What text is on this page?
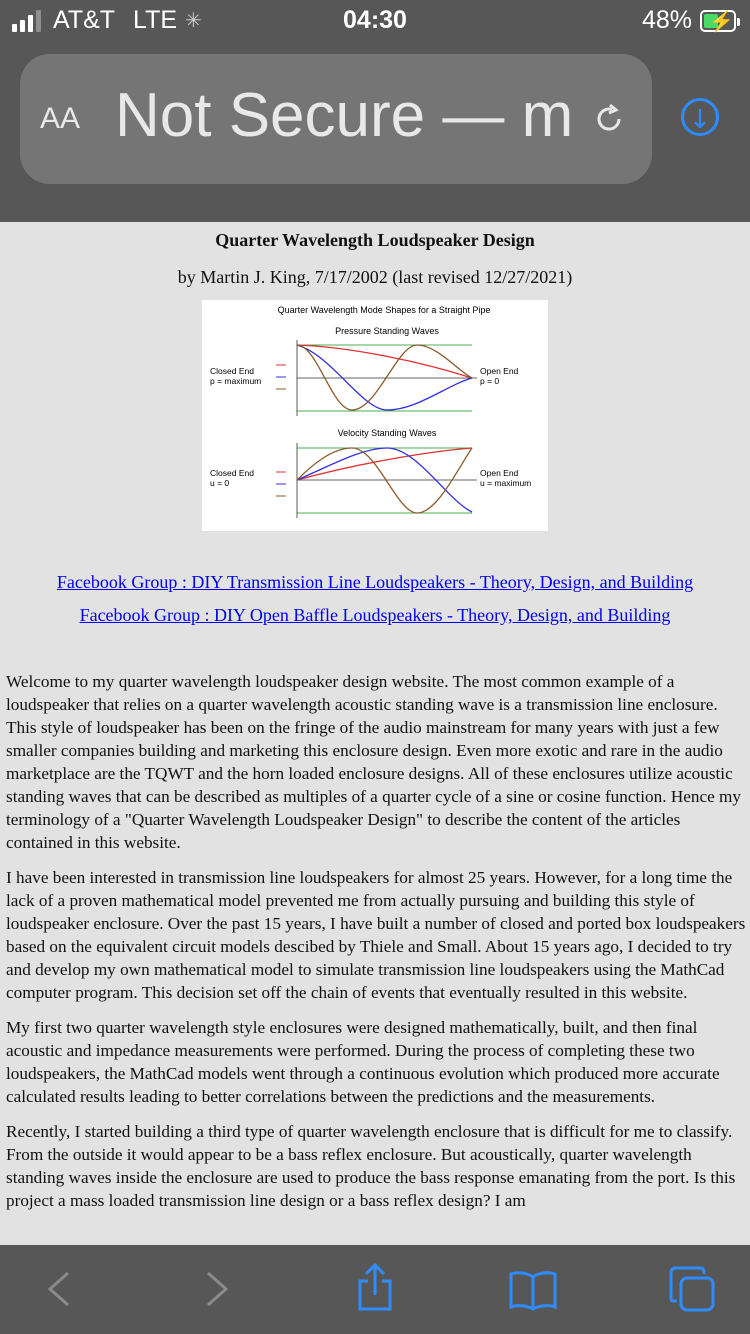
AT&T LTE ✳	04:30	48% ⚡
AA Not Secure — m	↓
Quarter Wavelength Loudspeaker Design
by Martin J. King, 7/17/2002 (last revised 12/27/2021)
Quarter Wavelength Mode Shapes for a Straight Pipe
Pressure Standing Waves
Closed End
p = maximum
Open End
p = 0
Velocity Standing Waves
Closed End
u = 0
Open End
u = maximum
Facebook Group : DIY Transmission Line Loudspeakers - Theory, Design, and Building
Facebook Group : DIY Open Baffle Loudspeakers - Theory, Design, and Building

Welcome to my quarter wavelength loudspeaker design website. The most common example of a loudspeaker that relies on a quarter wavelength acoustic standing wave is a transmission line enclosure. This style of loudspeaker has been on the fringe of the audio mainstream for many years with just a few smaller companies building and marketing this enclosure design. Even more exotic and rare in the audio marketplace are the TQWT and the horn loaded enclosure designs. All of these enclosures utilize acoustic standing waves that can be described as multiples of a quarter cycle of a sine or cosine function. Hence my terminology of a "Quarter Wavelength Loudspeaker Design" to describe the content of the articles contained in this website.

I have been interested in transmission line loudspeakers for almost 25 years. However, for a long time the lack of a proven mathematical model prevented me from actually pursuing and building this style of loudspeaker enclosure. Over the past 15 years, I have built a number of closed and ported box loudspeakers based on the equivalent circuit models descibed by Thiele and Small. About 15 years ago, I decided to try and develop my own mathematical model to simulate transmission line loudspeakers using the MathCad computer program. This decision set off the chain of events that eventually resulted in this website.

My first two quarter wavelength style enclosures were designed mathematically, built, and then final acoustic and impedance measurements were performed. During the process of completing these two loudspeakers, the MathCad models went through a continuous evolution which produced more accurate calculated results leading to better correlations between the predictions and the measurements.

Recently, I started building a third type of quarter wavelength enclosure that is difficult for me to classify. From the outside it would appear to be a bass reflex enclosure. But acoustically, quarter wavelength standing waves inside the enclosure are used to produce the bass response emanating from the port. Is this project a mass loaded transmission line design or a bass reflex design? I am
